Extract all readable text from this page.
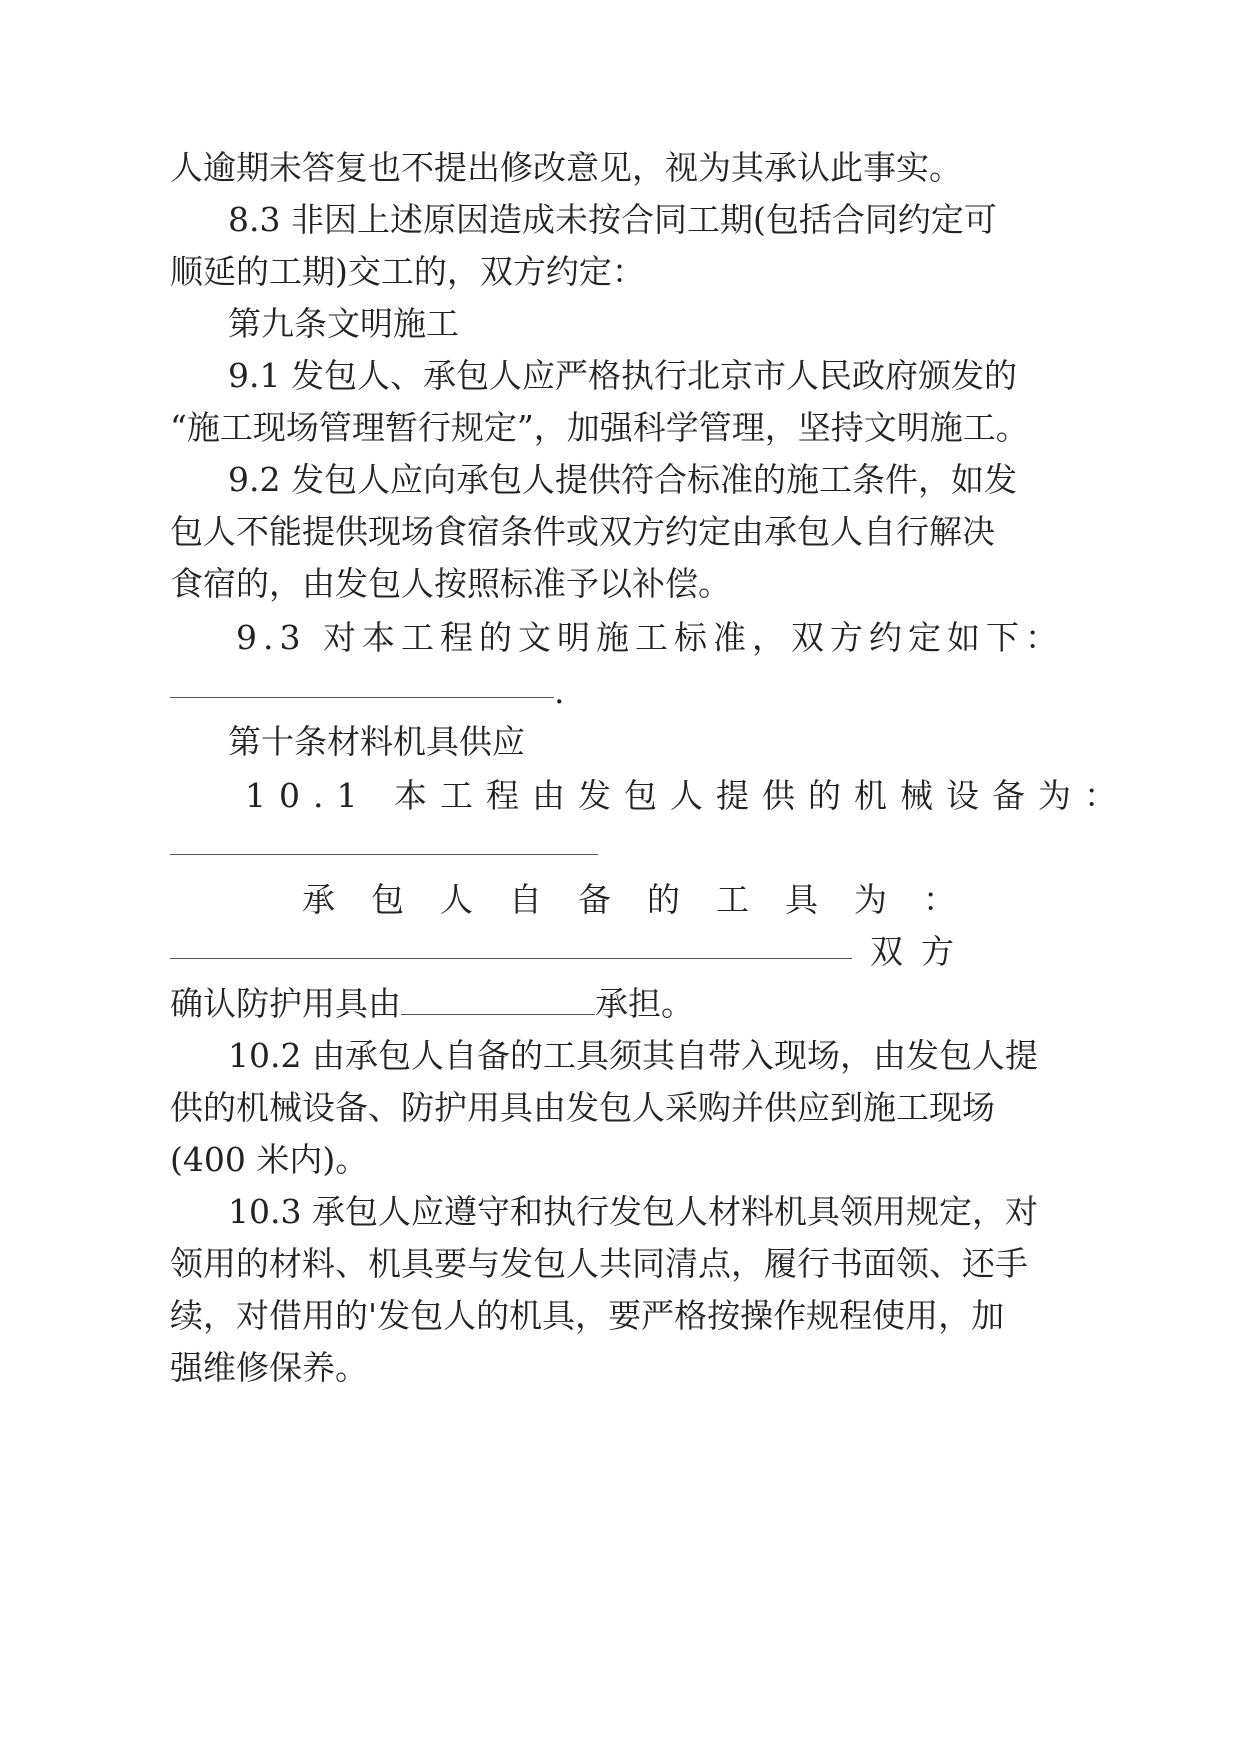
人逾期未答复也不提出修改意见，视为其承认此事实。

8.3 非因上述原因造成未按合同工期(包括合同约定可

顺延的工期)交工的，双方约定：

第九条文明施工

9.1 发包人、承包人应严格执行北京市人民政府颁发的

“施工现场管理暂行规定”，加强科学管理，坚持文明施工。

9.2 发包人应向承包人提供符合标准的施工条件，如发

包人不能提供现场食宿条件或双方约定由承包人自行解决

食宿的，由发包人按照标准予以补偿。

9.3 对本工程的文明施工标准，双方约定如下：

.

第十条材料机具供应

10.1 本工程由发包人提供的机械设备为：

承包人自备的工具为：

双方

确认防护用具由	承担。

10.2 由承包人自备的工具须其自带入现场，由发包人提

供的机械设备、防护用具由发包人采购并供应到施工现场

(400 米内)。

10.3 承包人应遵守和执行发包人材料机具领用规定，对

领用的材料、机具要与发包人共同清点，履行书面领、还手

续，对借用的'发包人的机具，要严格按操作规程使用，加

强维修保养。
